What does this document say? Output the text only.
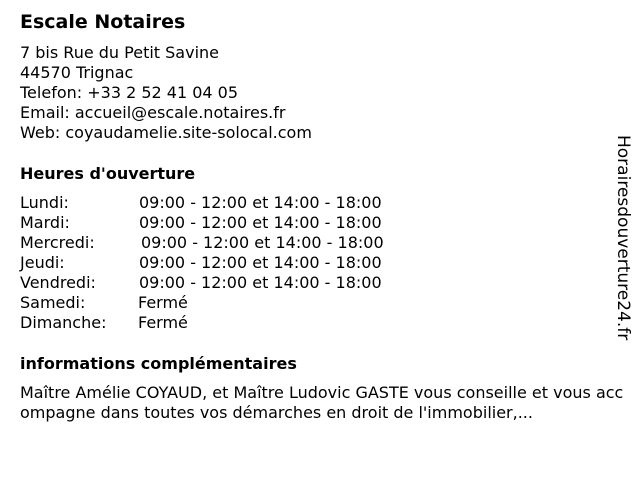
Escale Notaires
7 bis Rue du Petit Savine
44570 Trignac
Telefon: +33 2 52 41 04 05
Email: accueil@escale.notaires.fr
Web: coyaudamelie.site-solocal.com
Heures d'ouverture
Lundi:	09:00 - 12:00 et 14:00 - 18:00
Mardi:	09:00 - 12:00 et 14:00 - 18:00
Mercredi:	09:00 - 12:00 et 14:00 - 18:00
Jeudi:	09:00 - 12:00 et 14:00 - 18:00
Vendredi:	09:00 - 12:00 et 14:00 - 18:00
Samedi:	Fermé
Dimanche: Fermé
informations complémentaires
Maître Amélie COYAUD, et Maître Ludovic GASTE vous conseille et vous accompagne dans toutes vos démarches en droit de l'immobilier,...
Horairesdouverture24.fr
